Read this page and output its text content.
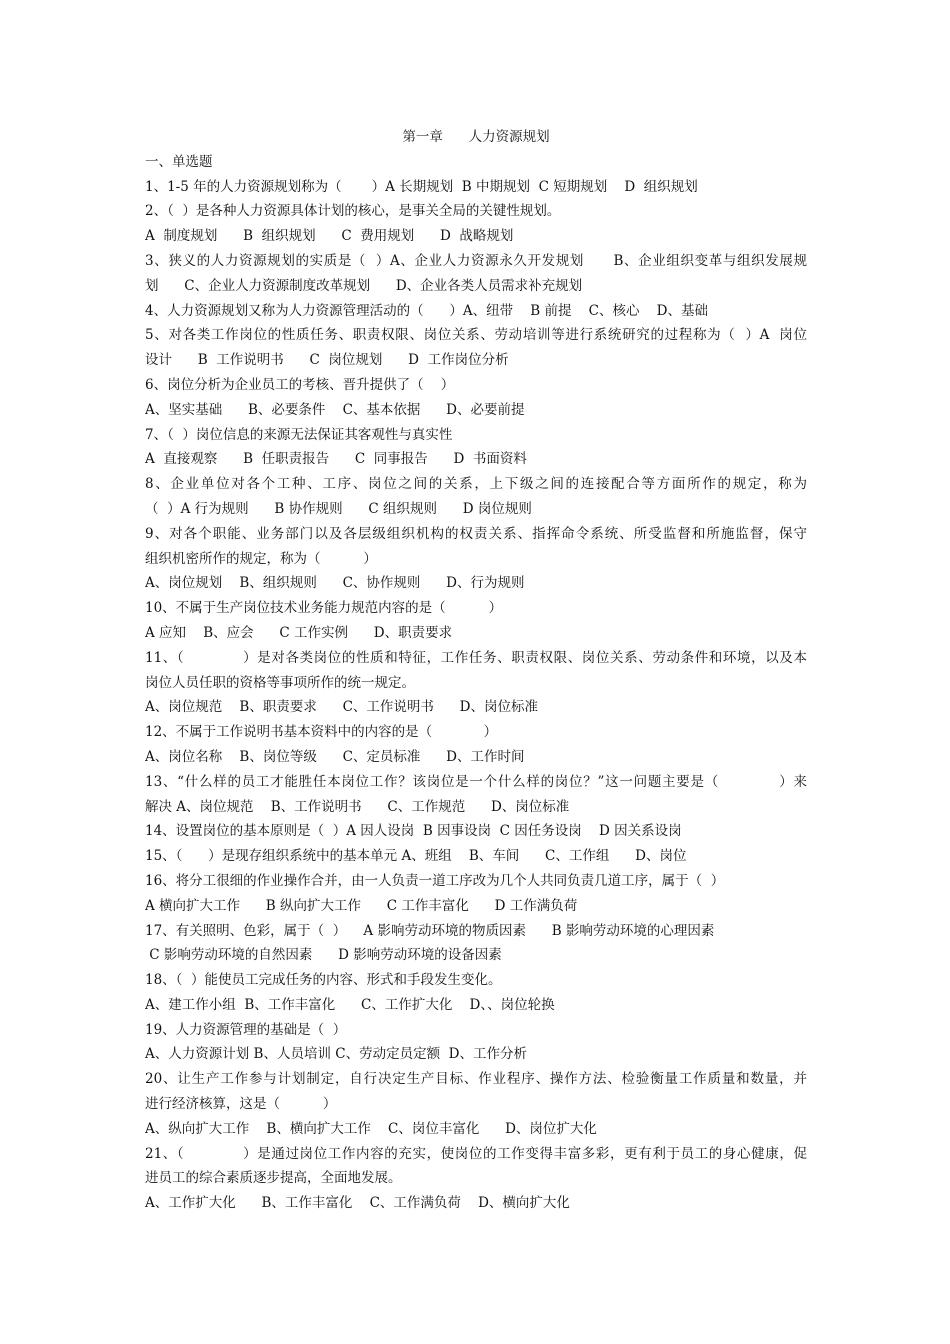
第一章      人力资源规划
一、单选题
1、1-5 年的人力资源规划称为（       ）A 长期规划  B 中期规划  C 短期规划    D  组织规划
2、（  ）是各种人力资源具体计划的核心，是事关全局的关键性规划。
A  制度规划      B  组织规划      C  费用规划      D  战略规划
3、狭义的人力资源规划的实质是（  ）A、企业人力资源永久开发规划      B、企业组织变革与组织发展规
划      C、企业人力资源制度改革规划      D、企业各类人员需求补充规划
4、人力资源规划又称为人力资源管理活动的（      ）A、纽带    B 前提    C、核心    D、基础
5、对各类工作岗位的性质任务、职责权限、岗位关系、劳动培训等进行系统研究的过程称为（  ）A  岗位
设计      B  工作说明书      C  岗位规划      D  工作岗位分析
6、岗位分析为企业员工的考核、晋升提供了（    ）
A、坚实基础      B、必要条件    C、基本依据      D、必要前提
7、（  ）岗位信息的来源无法保证其客观性与真实性
A  直接观察      B  任职责报告      C  同事报告      D  书面资料
8、企业单位对各个工种、工序、岗位之间的关系，上下级之间的连接配合等方面所作的规定，称为
（  ）A 行为规则      B 协作规则      C 组织规则      D 岗位规则
9、对各个职能、业务部门以及各层级组织机构的权责关系、指挥命令系统、所受监督和所施监督，保守
组织机密所作的规定，称为（          ）
A、岗位规划    B、组织规则      C、协作规则      D、行为规则
10、不属于生产岗位技术业务能力规范内容的是（          ）
A 应知    B、应会      C 工作实例      D、职责要求
11、（            ）是对各类岗位的性质和特征，工作任务、职责权限、岗位关系、劳动条件和环境，以及本
岗位人员任职的资格等事项所作的统一规定。
A、岗位规范    B、职责要求      C、工作说明书      D、岗位标准
12、不属于工作说明书基本资料中的内容的是（            ）
A、岗位名称    B、岗位等级      C、定员标准      D、工作时间
13、“什么样的员工才能胜任本岗位工作？该岗位是一个什么样的岗位？”这一问题主要是（            ）来
解决 A、岗位规范    B、工作说明书      C、工作规范      D、岗位标准
14、设置岗位的基本原则是（  ）A 因人设岗  B 因事设岗  C 因任务设岗    D 因关系设岗
15、（      ）是现存组织系统中的基本单元 A、班组    B、车间      C、工作组      D、岗位
16、将分工很细的作业操作合并，由一人负责一道工序改为几个人共同负责几道工序，属于（  ）
A 横向扩大工作      B 纵向扩大工作      C 工作丰富化      D 工作满负荷
17、有关照明、色彩，属于（  ）    A 影响劳动环境的物质因素      B 影响劳动环境的心理因素
C 影响劳动环境的自然因素      D 影响劳动环境的设备因素
18、（  ）能使员工完成任务的内容、形式和手段发生变化。
A、建工作小组  B、工作丰富化      C、工作扩大化    D、、岗位轮换
19、人力资源管理的基础是（  ）
A、人力资源计划 B、人员培训 C、劳动定员定额  D、工作分析
20、让生产工作参与计划制定，自行决定生产目标、作业程序、操作方法、检验衡量工作质量和数量，并
进行经济核算，这是（          ）
A、纵向扩大工作    B、横向扩大工作    C、岗位丰富化      D、岗位扩大化
21、（            ）是通过岗位工作内容的充实，使岗位的工作变得丰富多彩，更有利于员工的身心健康，促
进员工的综合素质逐步提高，全面地发展。
A、工作扩大化      B、工作丰富化    C、工作满负荷    D、横向扩大化
